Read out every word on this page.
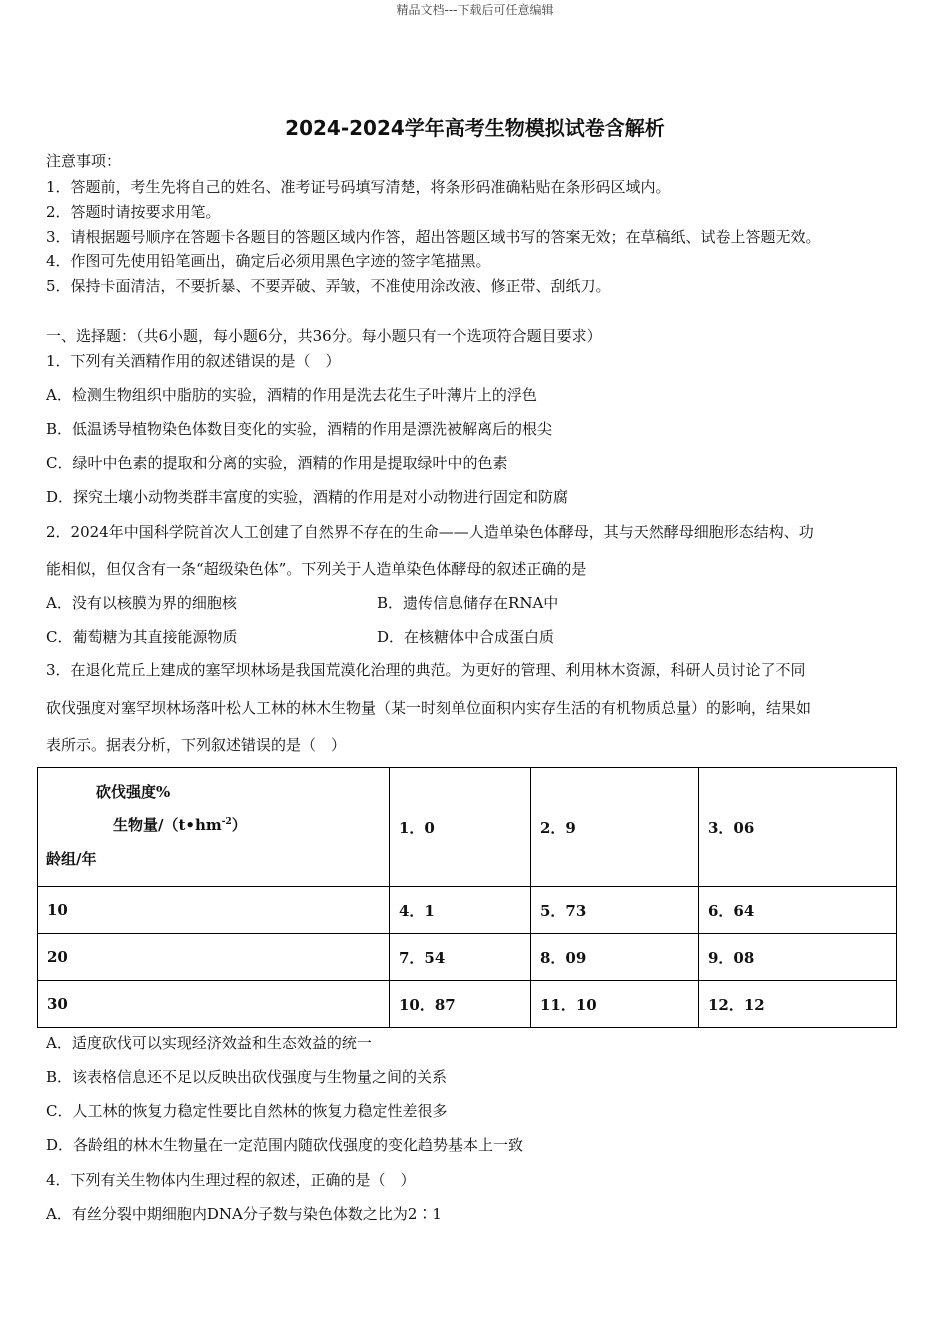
精品文档---下载后可任意编辑
2024-2024学年高考生物模拟试卷含解析
注意事项：
1．答题前，考生先将自己的姓名、准考证号码填写清楚，将条形码准确粘贴在条形码区域内。
2．答题时请按要求用笔。
3．请根据题号顺序在答题卡各题目的答题区域内作答，超出答题区域书写的答案无效；在草稿纸、试卷上答题无效。
4．作图可先使用铅笔画出，确定后必须用黑色字迹的签字笔描黑。
5．保持卡面清洁，不要折暴、不要弄破、弄皱，不准使用涂改液、修正带、刮纸刀。
一、选择题：（共6小题，每小题6分，共36分。每小题只有一个选项符合题目要求）
1．下列有关酒精作用的叙述错误的是（　）
A．检测生物组织中脂肪的实验，酒精的作用是洗去花生子叶薄片上的浮色
B．低温诱导植物染色体数目变化的实验，酒精的作用是漂洗被解离后的根尖
C．绿叶中色素的提取和分离的实验，酒精的作用是提取绿叶中的色素
D．探究土壤小动物类群丰富度的实验，酒精的作用是对小动物进行固定和防腐
2．2024年中国科学院首次人工创建了自然界不存在的生命——人造单染色体酵母，其与天然酵母细胞形态结构、功
能相似，但仅含有一条“超级染色体”。下列关于人造单染色体酵母的叙述正确的是
A．没有以核膜为界的细胞核	B．遗传信息储存在RNA中
C．葡萄糖为其直接能源物质	D．在核糖体中合成蛋白质
3．在退化荒丘上建成的塞罕坝林场是我国荒漠化治理的典范。为更好的管理、利用林木资源，科研人员讨论了不同
砍伐强度对塞罕坝林场落叶松人工林的林木生物量（某一时刻单位面积内实存生活的有机物质总量）的影响，结果如
表所示。据表分析，下列叙述错误的是（　）
砍伐强度%
生物量$/(t•hm^{-2})$
龄组/年	1．0	2．9	3．06
10	4．1	5．73	6．64
20	7．54	8．09	9．08
30	10．87	11．10	12．12
A．适度砍伐可以实现经济效益和生态效益的统一
B．该表格信息还不足以反映出砍伐强度与生物量之间的关系
C．人工林的恢复力稳定性要比自然林的恢复力稳定性差很多
D．各龄组的林木生物量在一定范围内随砍伐强度的变化趋势基本上一致
4．下列有关生物体内生理过程的叙述，正确的是（　）
A．有丝分裂中期细胞内DNA分子数与染色体数之比为2∶1
